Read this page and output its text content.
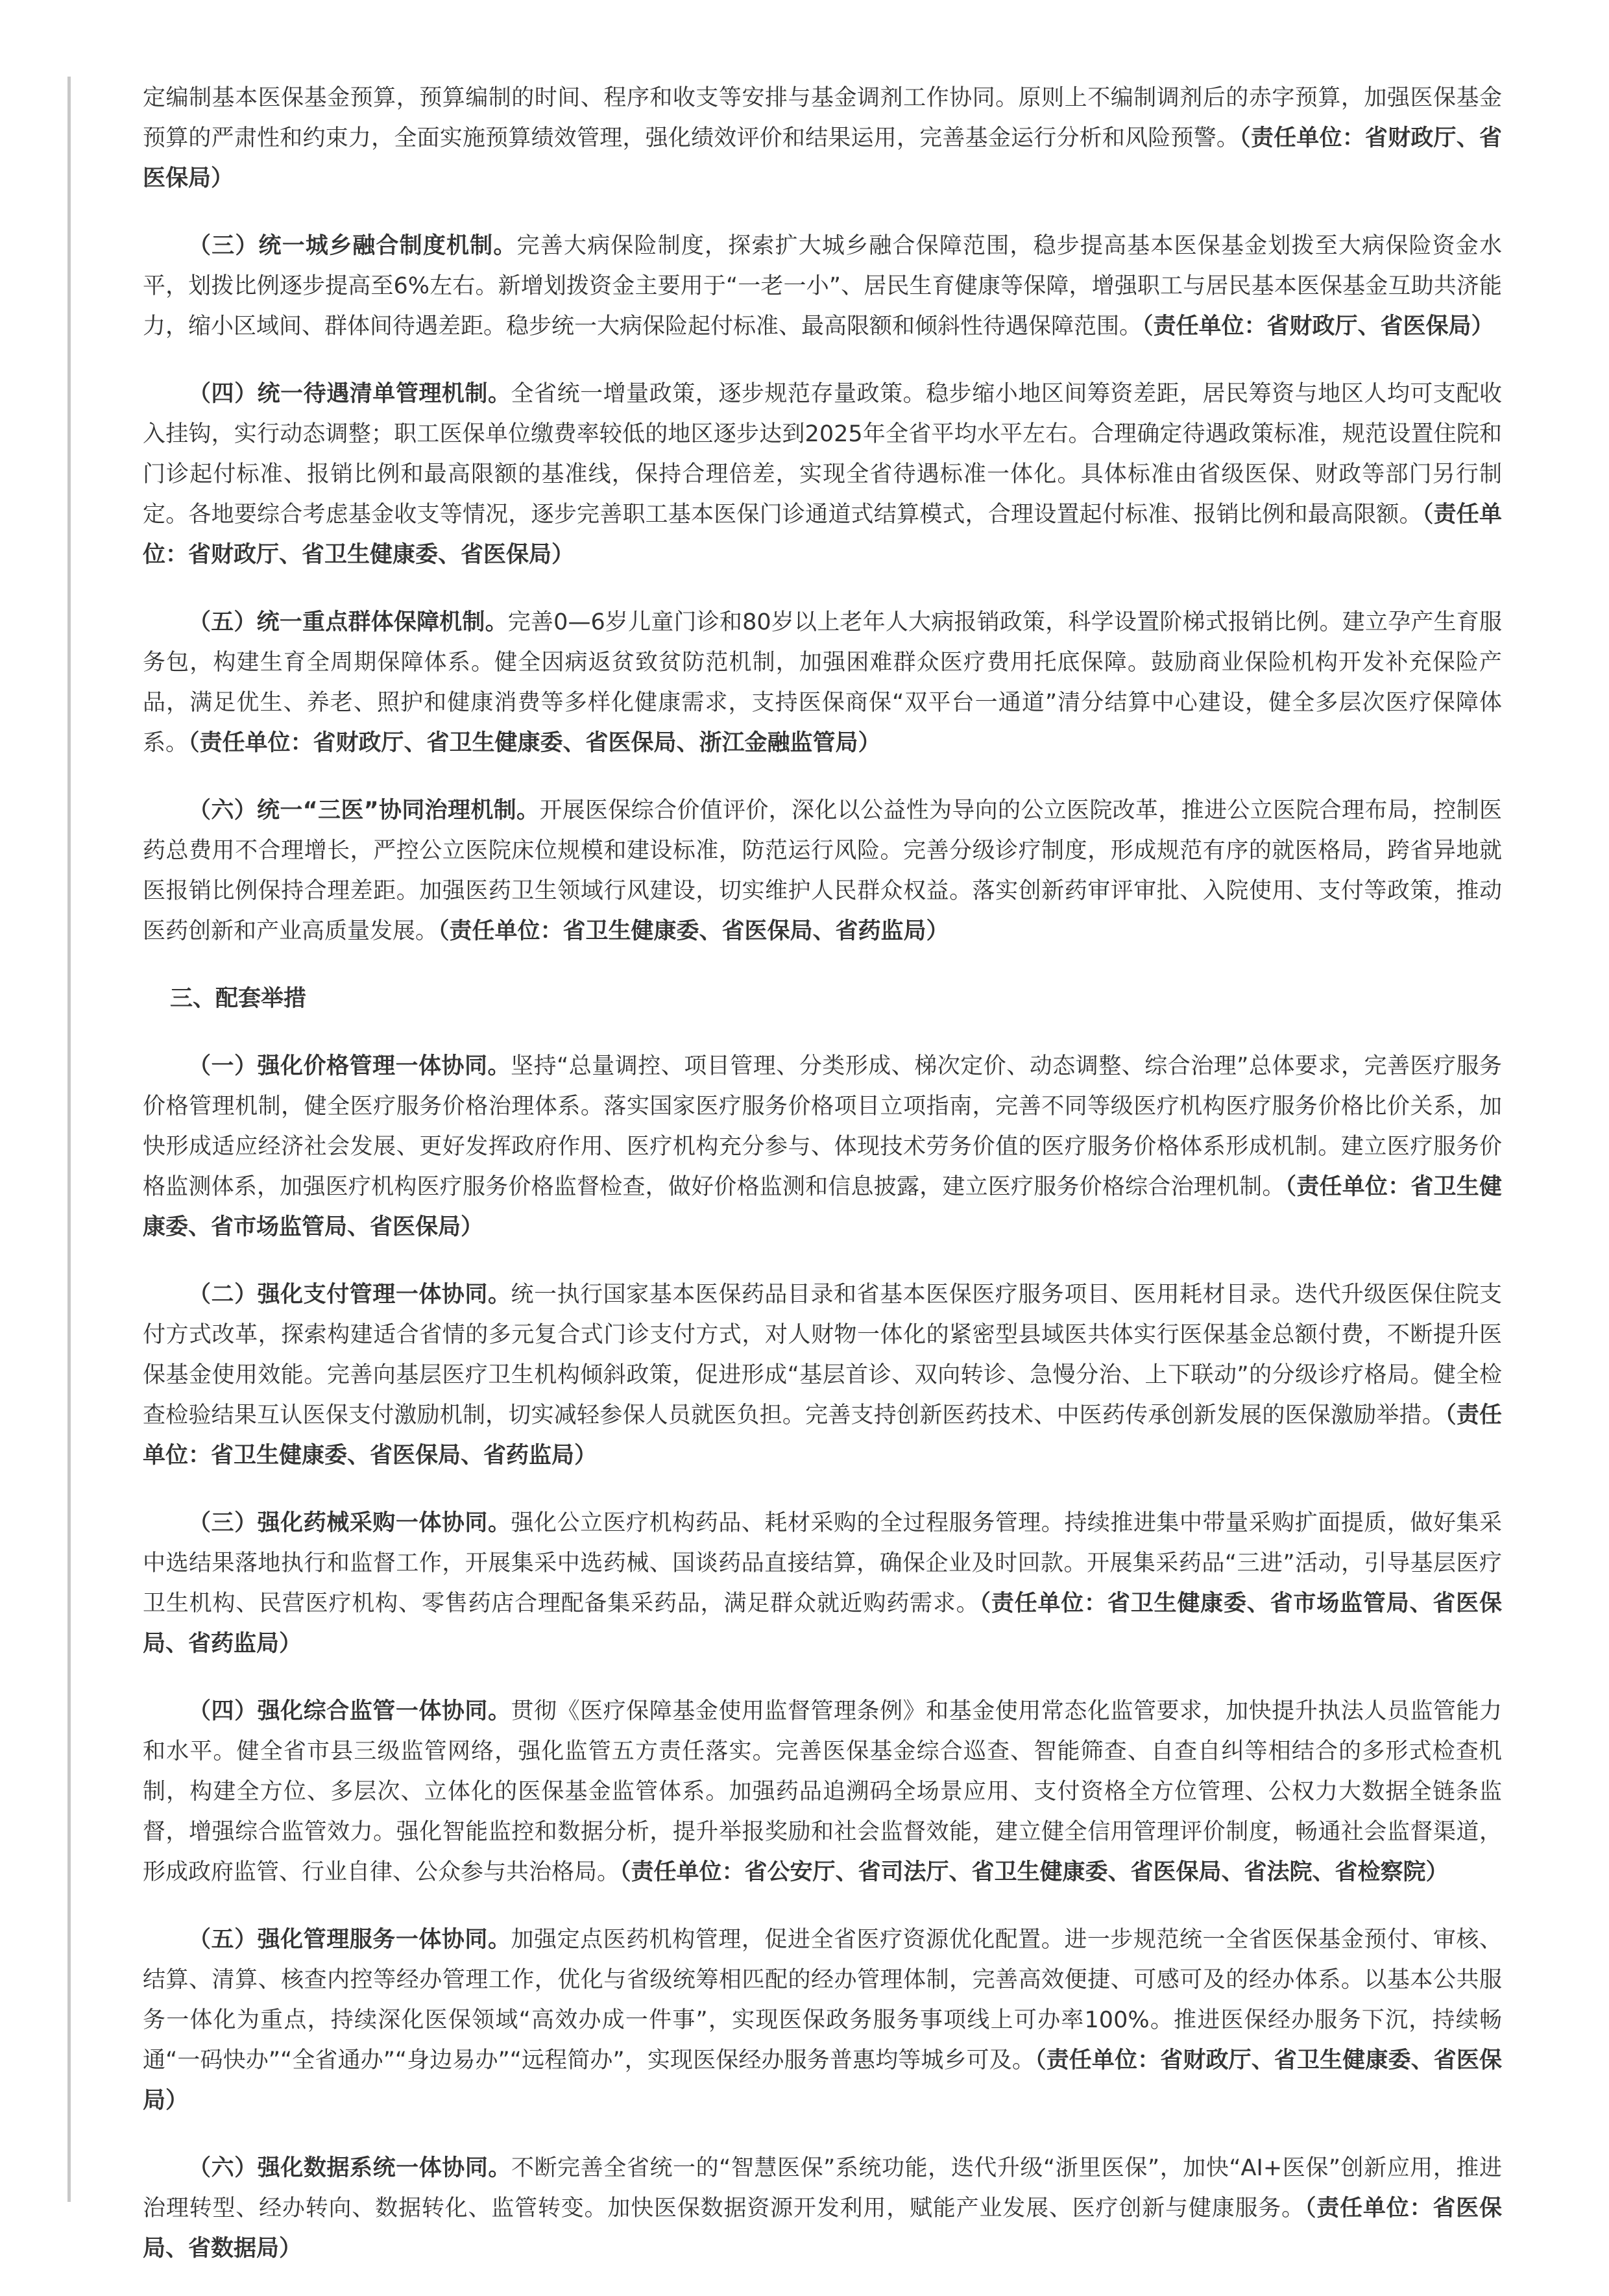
定编制基本医保基金预算，预算编制的时间、程序和收支等安排与基金调剂工作协同。原则上不编制调剂后的赤字预算，加强医保基金预算的严肃性和约束力，全面实施预算绩效管理，强化绩效评价和结果运用，完善基金运行分析和风险预警。（责任单位：省财政厅、省医保局）

（三）统一城乡融合制度机制。完善大病保险制度，探索扩大城乡融合保障范围，稳步提高基本医保基金划拨至大病保险资金水平，划拨比例逐步提高至6%左右。新增划拨资金主要用于“一老一小”、居民生育健康等保障，增强职工与居民基本医保基金互助共济能力，缩小区域间、群体间待遇差距。稳步统一大病保险起付标准、最高限额和倾斜性待遇保障范围。（责任单位：省财政厅、省医保局）

（四）统一待遇清单管理机制。全省统一增量政策，逐步规范存量政策。稳步缩小地区间筹资差距，居民筹资与地区人均可支配收入挂钩，实行动态调整；职工医保单位缴费率较低的地区逐步达到2025年全省平均水平左右。合理确定待遇政策标准，规范设置住院和门诊起付标准、报销比例和最高限额的基准线，保持合理倍差，实现全省待遇标准一体化。具体标准由省级医保、财政等部门另行制定。各地要综合考虑基金收支等情况，逐步完善职工基本医保门诊通道式结算模式，合理设置起付标准、报销比例和最高限额。（责任单位：省财政厅、省卫生健康委、省医保局）

（五）统一重点群体保障机制。完善0—6岁儿童门诊和80岁以上老年人大病报销政策，科学设置阶梯式报销比例。建立孕产生育服务包，构建生育全周期保障体系。健全因病返贫致贫防范机制，加强困难群众医疗费用托底保障。鼓励商业保险机构开发补充保险产品，满足优生、养老、照护和健康消费等多样化健康需求，支持医保商保“双平台一通道”清分结算中心建设，健全多层次医疗保障体系。（责任单位：省财政厅、省卫生健康委、省医保局、浙江金融监管局）

（六）统一“三医”协同治理机制。开展医保综合价值评价，深化以公益性为导向的公立医院改革，推进公立医院合理布局，控制医药总费用不合理增长，严控公立医院床位规模和建设标准，防范运行风险。完善分级诊疗制度，形成规范有序的就医格局，跨省异地就医报销比例保持合理差距。加强医药卫生领域行风建设，切实维护人民群众权益。落实创新药审评审批、入院使用、支付等政策，推动医药创新和产业高质量发展。（责任单位：省卫生健康委、省医保局、省药监局）

三、配套举措

（一）强化价格管理一体协同。坚持“总量调控、项目管理、分类形成、梯次定价、动态调整、综合治理”总体要求，完善医疗服务价格管理机制，健全医疗服务价格治理体系。落实国家医疗服务价格项目立项指南，完善不同等级医疗机构医疗服务价格比价关系，加快形成适应经济社会发展、更好发挥政府作用、医疗机构充分参与、体现技术劳务价值的医疗服务价格体系形成机制。建立医疗服务价格监测体系，加强医疗机构医疗服务价格监督检查，做好价格监测和信息披露，建立医疗服务价格综合治理机制。（责任单位：省卫生健康委、省市场监管局、省医保局）

（二）强化支付管理一体协同。统一执行国家基本医保药品目录和省基本医保医疗服务项目、医用耗材目录。迭代升级医保住院支付方式改革，探索构建适合省情的多元复合式门诊支付方式，对人财物一体化的紧密型县域医共体实行医保基金总额付费，不断提升医保基金使用效能。完善向基层医疗卫生机构倾斜政策，促进形成“基层首诊、双向转诊、急慢分治、上下联动”的分级诊疗格局。健全检查检验结果互认医保支付激励机制，切实减轻参保人员就医负担。完善支持创新医药技术、中医药传承创新发展的医保激励举措。（责任单位：省卫生健康委、省医保局、省药监局）

（三）强化药械采购一体协同。强化公立医疗机构药品、耗材采购的全过程服务管理。持续推进集中带量采购扩面提质，做好集采中选结果落地执行和监督工作，开展集采中选药械、国谈药品直接结算，确保企业及时回款。开展集采药品“三进”活动，引导基层医疗卫生机构、民营医疗机构、零售药店合理配备集采药品，满足群众就近购药需求。（责任单位：省卫生健康委、省市场监管局、省医保局、省药监局）

（四）强化综合监管一体协同。贯彻《医疗保障基金使用监督管理条例》和基金使用常态化监管要求，加快提升执法人员监管能力和水平。健全省市县三级监管网络，强化监管五方责任落实。完善医保基金综合巡查、智能筛查、自查自纠等相结合的多形式检查机制，构建全方位、多层次、立体化的医保基金监管体系。加强药品追溯码全场景应用、支付资格全方位管理、公权力大数据全链条监督，增强综合监管效力。强化智能监控和数据分析，提升举报奖励和社会监督效能，建立健全信用管理评价制度，畅通社会监督渠道，形成政府监管、行业自律、公众参与共治格局。（责任单位：省公安厅、省司法厅、省卫生健康委、省医保局、省法院、省检察院）

（五）强化管理服务一体协同。加强定点医药机构管理，促进全省医疗资源优化配置。进一步规范统一全省医保基金预付、审核、结算、清算、核查内控等经办管理工作，优化与省级统筹相匹配的经办管理体制，完善高效便捷、可感可及的经办体系。以基本公共服务一体化为重点，持续深化医保领域“高效办成一件事”，实现医保政务服务事项线上可办率100%。推进医保经办服务下沉，持续畅通“一码快办”“全省通办”“身边易办”“远程简办”，实现医保经办服务普惠均等城乡可及。（责任单位：省财政厅、省卫生健康委、省医保局）

（六）强化数据系统一体协同。不断完善全省统一的“智慧医保”系统功能，迭代升级“浙里医保”，加快“AI+医保”创新应用，推进治理转型、经办转向、数据转化、监管转变。加快医保数据资源开发利用，赋能产业发展、医疗创新与健康服务。（责任单位：省医保局、省数据局）
